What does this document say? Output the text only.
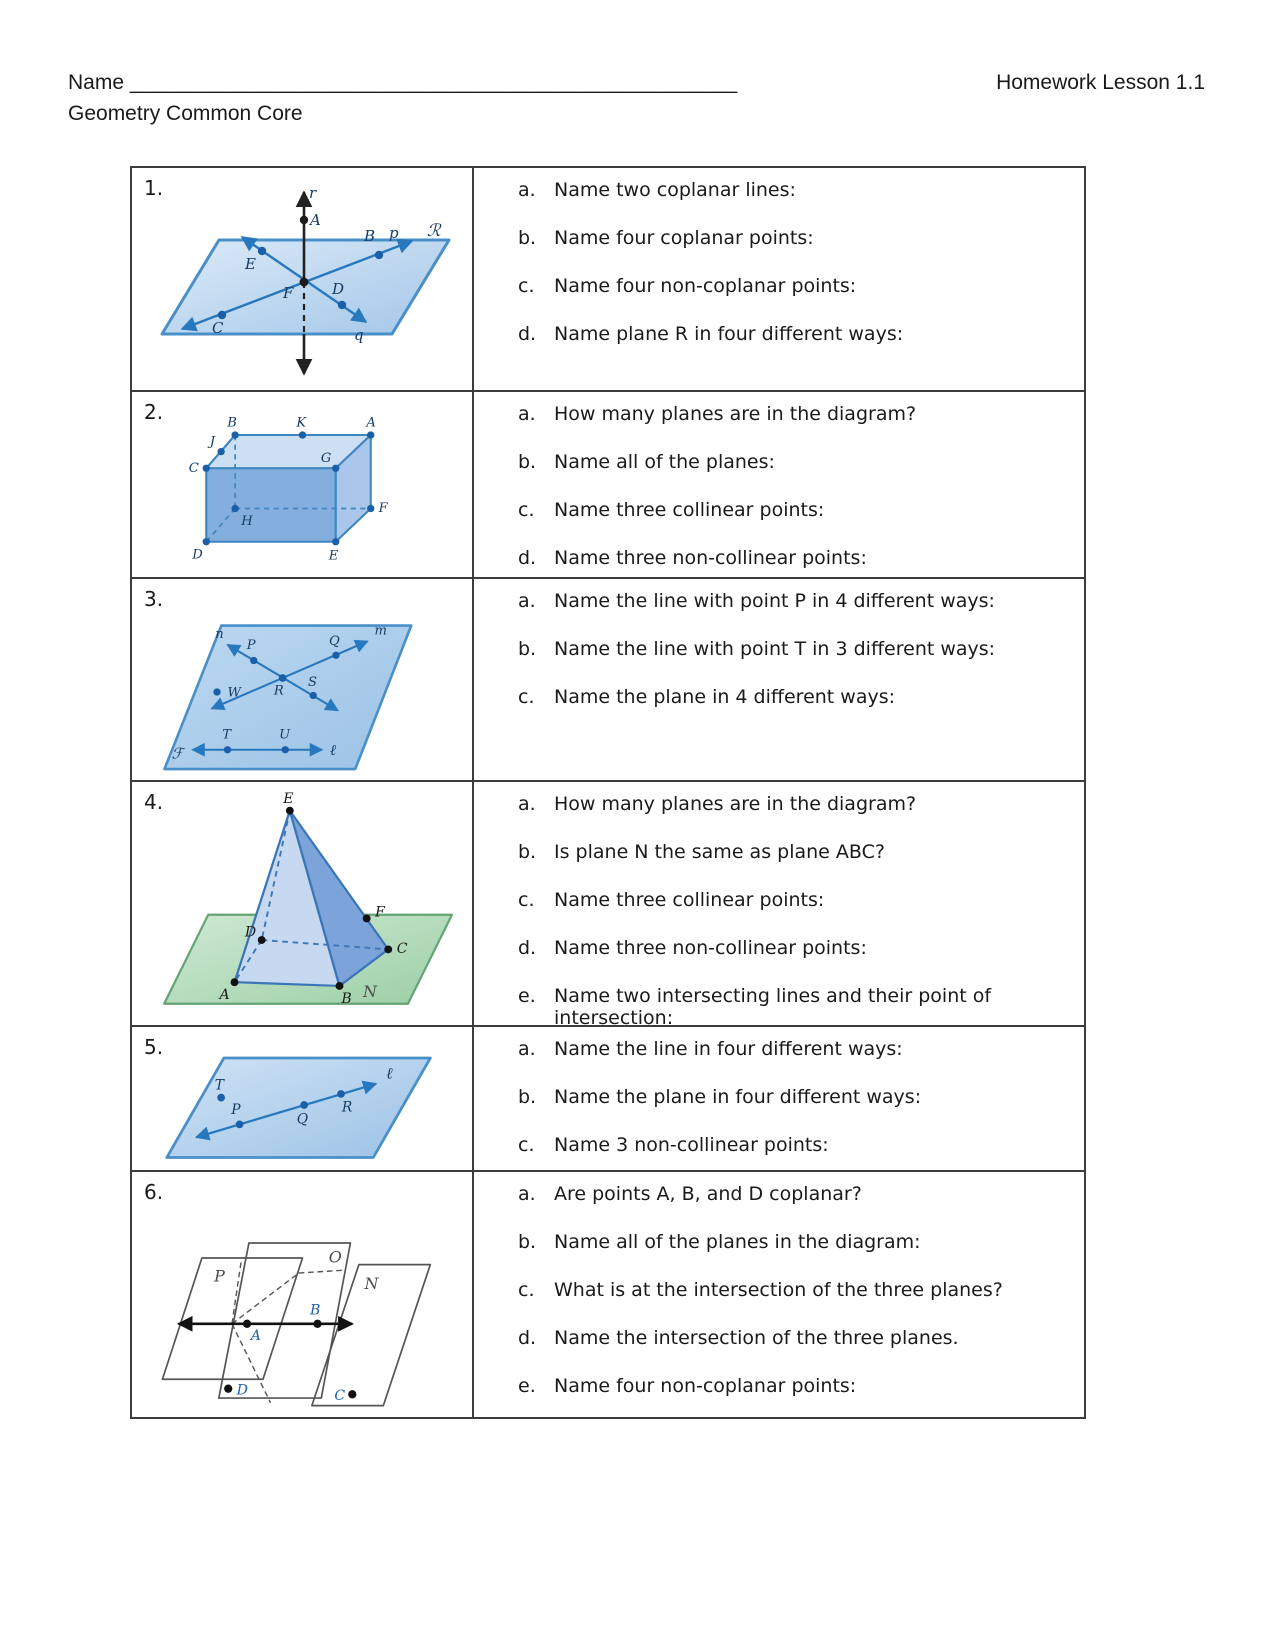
Name ____________________________________________________	Homework Lesson 1.1
Geometry Common Core
1.	r
A
E
B p ℛ
C
F	D
q
a. Name two coplanar lines:
b. Name four coplanar points:
c.	Name four non-coplanar points:
d. Name plane R in four different ways:
2.	B	K	A
J
C
G
H
F
D	E
a. How many planes are in the diagram?
b. Name all of the planes:
c.	Name three collinear points:
d. Name three non-collinear points:
3.
n
P	Q
m
W
S
R
T	U
ℓ
ℱ
a. Name the line with point P in 4 different ways:
b. Name the line with point T in 3 different ways:
c.	Name the plane in 4 different ways:
4.	E
A	B
C
D
F
N
a. How many planes are in the diagram?
b. Is plane N the same as plane ABC?
c.	Name three collinear points:
d. Name three non-collinear points:
e. Name two intersecting lines and their point of intersection:
5.
T
P
Q
R
ℓ
a. Name the line in four different ways:
b. Name the plane in four different ways:
c.	Name 3 non-collinear points:
6.
A
B
D	C
P
O
N
a. Are points A, B, and D coplanar?
b. Name all of the planes in the diagram:
c.	What is at the intersection of the three planes?
d. Name the intersection of the three planes.
e. Name four non-coplanar points:
